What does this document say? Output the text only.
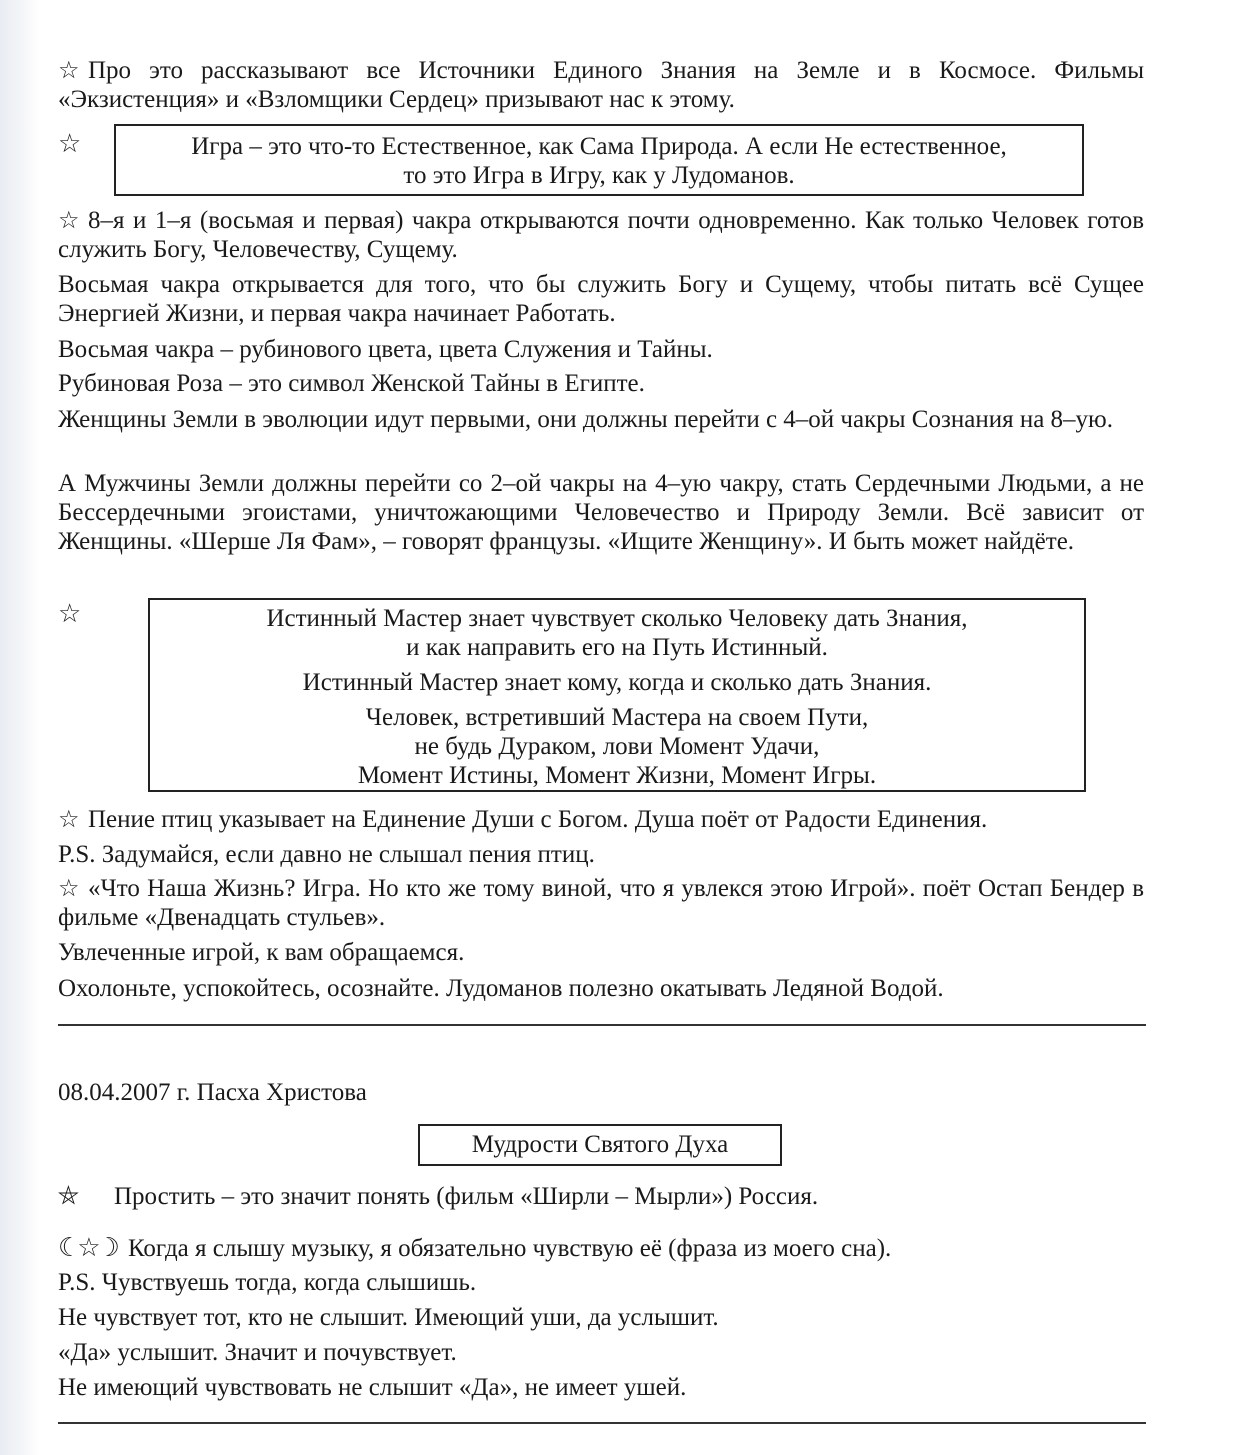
☆ Про это рассказывают все Источники Единого Знания на Земле и в Космосе. Фильмы «Экзистенция» и «Взломщики Сердец» призывают нас к этому.

☆	Игра – это что-то Естественное, как Сама Природа. А если Не естественное,

то это Игра в Игру, как у Лудоманов.

☆ 8–я и 1–я (восьмая и первая) чакра открываются почти одновременно. Как только Человек готов служить Богу, Человечеству, Сущему.

Восьмая чакра открывается для того, что бы служить Богу и Сущему, чтобы питать всё Сущее Энергией Жизни, и первая чакра начинает Работать.

Восьмая чакра – рубинового цвета, цвета Служения и Тайны.

Рубиновая Роза – это символ Женской Тайны в Египте.

Женщины Земли в эволюции идут первыми, они должны перейти с 4–ой чакры Сознания на 8–ую.

А Мужчины Земли должны перейти со 2–ой чакры на 4–ую чакру, стать Сердечными Людьми, а не Бессердечными эгоистами, уничтожающими Человечество и Природу Земли. Всё зависит от Женщины. «Шерше Ля Фам», – говорят французы. «Ищите Женщину». И быть может найдёте.

☆	Истинный Мастер знает чувствует сколько Человеку дать Знания,

и как направить его на Путь Истинный.

Истинный Мастер знает кому, когда и сколько дать Знания.

Человек, встретивший Мастера на своем Пути,

не будь Дураком, лови Момент Удачи,

Момент Истины, Момент Жизни, Момент Игры.

☆ Пение птиц указывает на Единение Души с Богом. Душа поёт от Радости Единения.

P.S. Задумайся, если давно не слышал пения птиц.

☆ «Что Наша Жизнь? Игра. Но кто же тому виной, что я увлекся этою Игрой». поёт Остап Бендер в фильме «Двенадцать стульев».

Увлеченные игрой, к вам обращаемся.

Охолоньте, успокойтесь, осознайте. Лудоманов полезно окатывать Ледяной Водой.

08.04.2007 г. Пасха Христова

Мудрости Святого Духа

⛤ Простить – это значит понять (фильм «Ширли – Мырли») Россия.

☾☆☽ Когда я слышу музыку, я обязательно чувствую её (фраза из моего сна).

P.S. Чувствуешь тогда, когда слышишь.

Не чувствует тот, кто не слышит. Имеющий уши, да услышит.

«Да» услышит. Значит и почувствует.

Не имеющий чувствовать не слышит «Да», не имеет ушей.
